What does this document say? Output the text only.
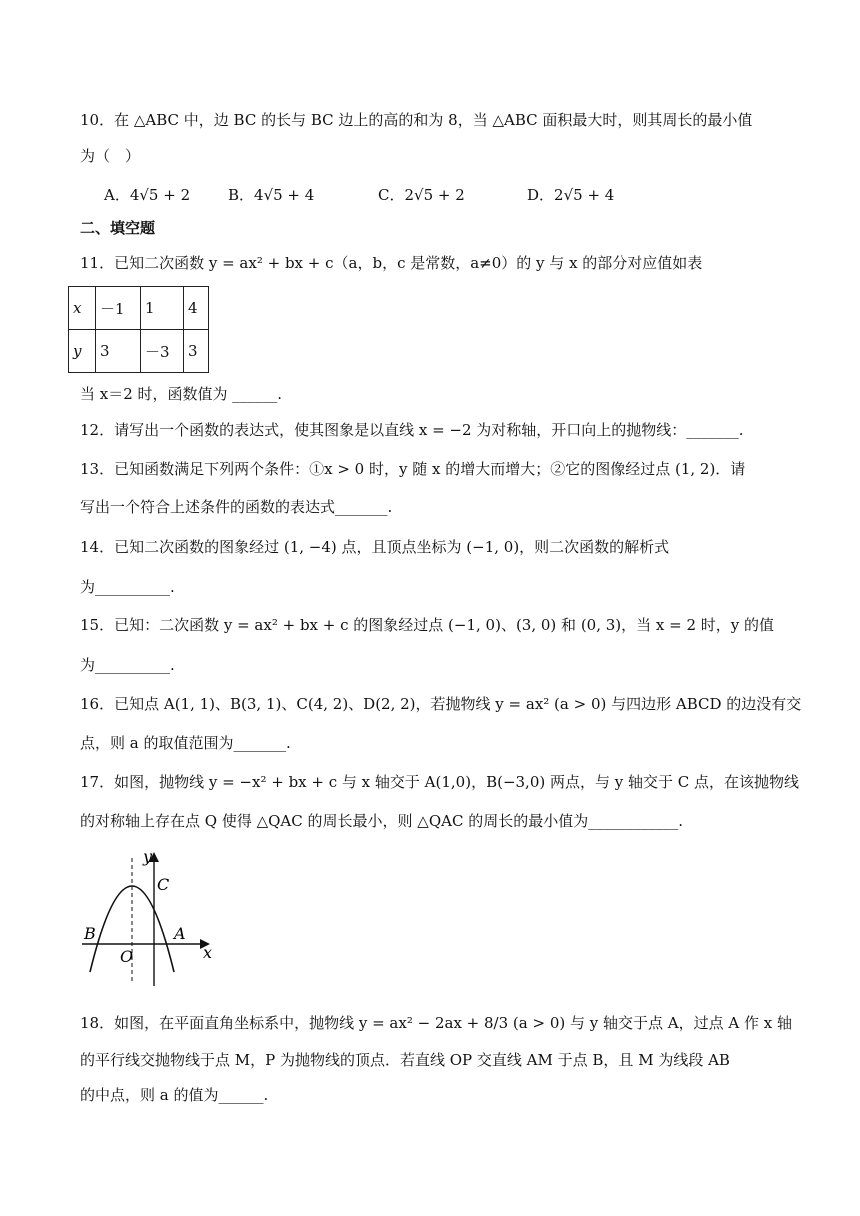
10．在 △ABC 中，边 BC 的长与 BC 边上的高的和为 8，当 △ABC 面积最大时，则其周长的最小值
为（　）
A．4√5 + 2	B．4√5 + 4	C．2√5 + 2	D．2√5 + 4
二、填空题
11．已知二次函数 y = ax² + bx + c（a，b，c 是常数，a≠0）的 y 与 x 的部分对应值如表
x	－1	1	4
y	3	－3	3
当 x＝2 时，函数值为 ______.
12．请写出一个函数的表达式，使其图象是以直线 x = −2 为对称轴，开口向上的抛物线：_______.
13．已知函数满足下列两个条件：①x > 0 时，y 随 x 的增大而增大；②它的图像经过点 (1, 2)．请
写出一个符合上述条件的函数的表达式_______.
14．已知二次函数的图象经过 (1, −4) 点，且顶点坐标为 (−1, 0)，则二次函数的解析式
为__________.
15．已知：二次函数 y = ax² + bx + c 的图象经过点 (−1, 0)、(3, 0) 和 (0, 3)，当 x = 2 时，y 的值
为__________.
16．已知点 A(1, 1)、B(3, 1)、C(4, 2)、D(2, 2)，若抛物线 y = ax² (a > 0) 与四边形 ABCD 的边没有交
点，则 a 的取值范围为_______.
17．如图，抛物线 y = −x² + bx + c 与 x 轴交于 A(1,0)，B(−3,0) 两点，与 y 轴交于 C 点，在该抛物线
的对称轴上存在点 Q 使得 △QAC 的周长最小，则 △QAC 的周长的最小值为____________.
y
x
C
B	A
O
18．如图，在平面直角坐标系中，抛物线 y = ax² − 2ax + 8/3 (a > 0) 与 y 轴交于点 A，过点 A 作 x 轴
的平行线交抛物线于点 M，P 为抛物线的顶点．若直线 OP 交直线 AM 于点 B，且 M 为线段 AB
的中点，则 a 的值为______.
